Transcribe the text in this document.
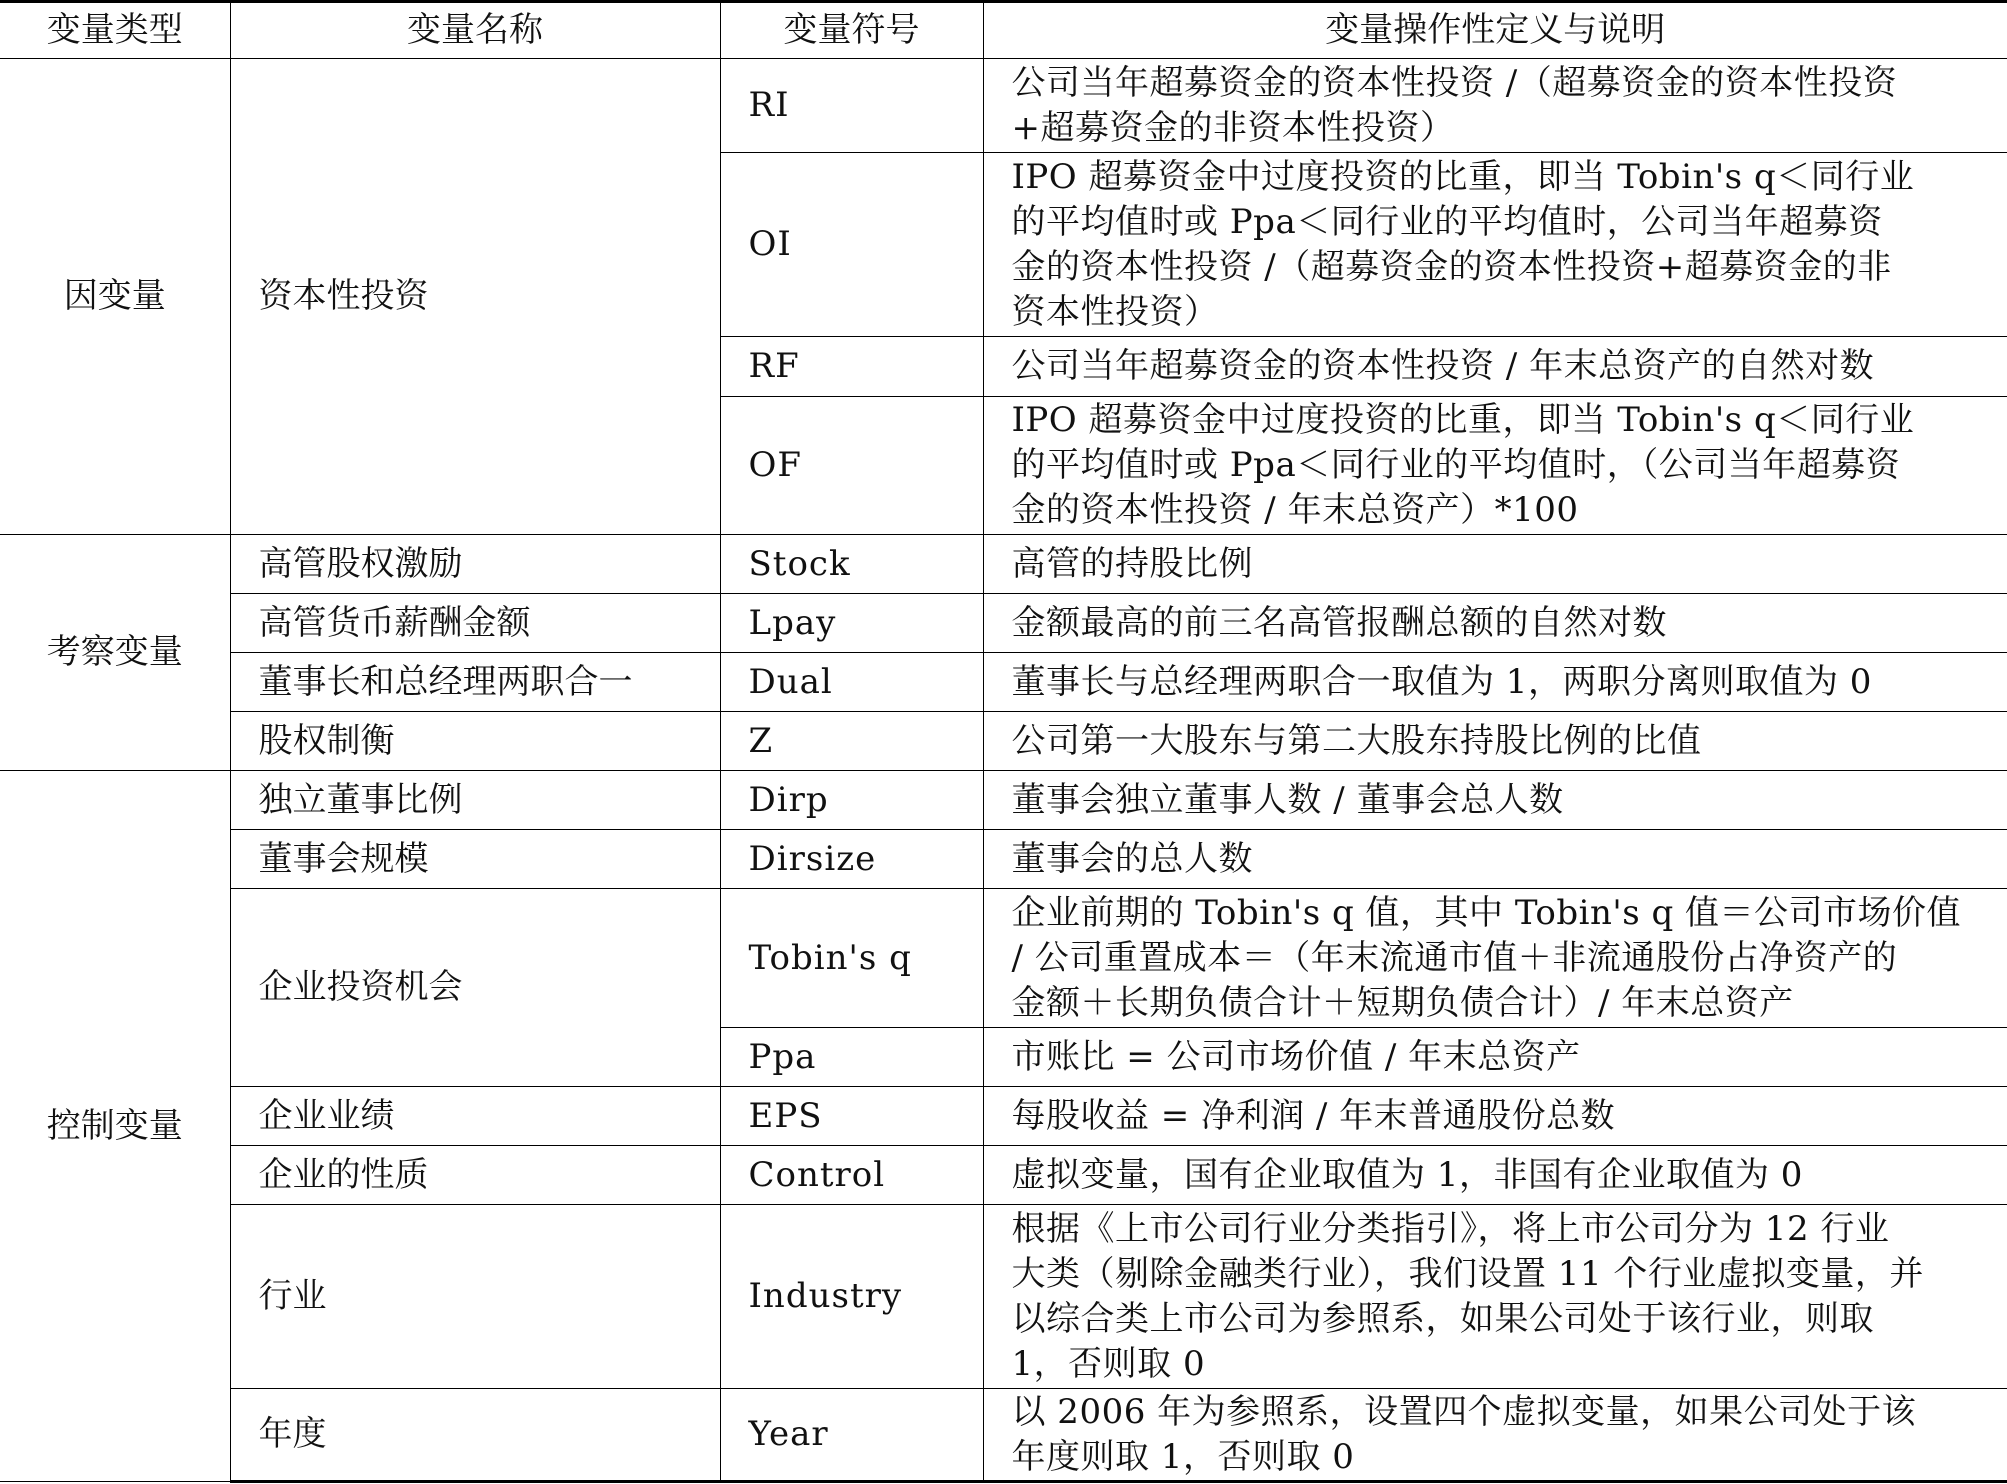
变量类型	变量名称	变量符号	变量操作性定义与说明
因变量	资本性投资	RI	公司当年超募资金的资本性投资 /（超募资金的资本性投资
+超募资金的非资本性投资）

		OI	IPO 超募资金中过度投资的比重，即当 Tobin's q＜同行业
的平均值时或 Ppa＜同行业的平均值时，公司当年超募资
金的资本性投资 /（超募资金的资本性投资+超募资金的非
资本性投资）

		RF	公司当年超募资金的资本性投资 / 年末总资产的自然对数

		OF	IPO 超募资金中过度投资的比重，即当 Tobin's q＜同行业
的平均值时或 Ppa＜同行业的平均值时，（公司当年超募资
金的资本性投资 / 年末总资产）*100

考察变量	高管股权激励	Stock	高管的持股比例

	高管货币薪酬金额	Lpay	金额最高的前三名高管报酬总额的自然对数

	董事长和总经理两职合一	Dual	董事长与总经理两职合一取值为 1，两职分离则取值为 0

	股权制衡	Z	公司第一大股东与第二大股东持股比例的比值

控制变量	独立董事比例	Dirp	董事会独立董事人数 / 董事会总人数

	董事会规模	Dirsize	董事会的总人数

	企业投资机会	Tobin's q	企业前期的 Tobin's q 值，其中 Tobin's q 值＝公司市场价值
/ 公司重置成本＝（年末流通市值＋非流通股份占净资产的
金额＋长期负债合计＋短期负债合计）/ 年末总资产

		Ppa	市账比 = 公司市场价值 / 年末总资产

	企业业绩	EPS	每股收益 = 净利润 / 年末普通股份总数

	企业的性质	Control	虚拟变量，国有企业取值为 1，非国有企业取值为 0

	行业	Industry	根据《上市公司行业分类指引》，将上市公司分为 12 行业
大类（剔除金融类行业），我们设置 11 个行业虚拟变量，并
以综合类上市公司为参照系，如果公司处于该行业，则取
1，否则取 0

	年度	Year	以 2006 年为参照系，设置四个虚拟变量，如果公司处于该
年度则取 1，否则取 0
